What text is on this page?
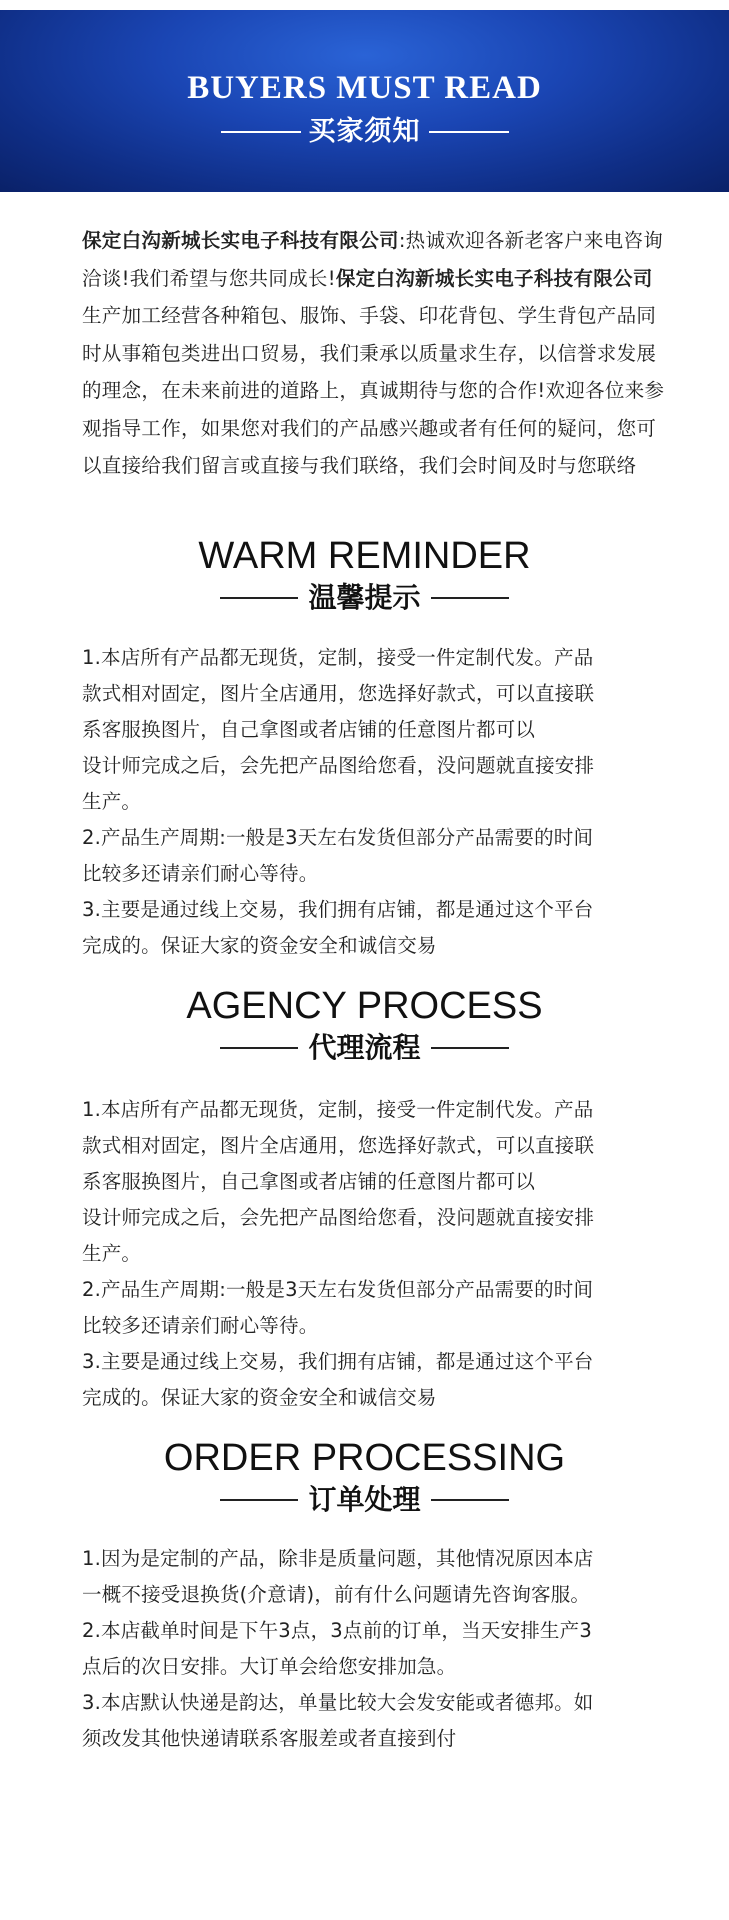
BUYERS MUST READ
买家须知
保定白沟新城长实电子科技有限公司:热诚欢迎各新老客户来电咨询洽谈!我们希望与您共同成长!保定白沟新城长实电子科技有限公司生产加工经营各种箱包、服饰、手袋、印花背包、学生背包产品同时从事箱包类进出口贸易，我们秉承以质量求生存，以信誉求发展的理念，在未来前进的道路上，真诚期待与您的合作!欢迎各位来参观指导工作，如果您对我们的产品感兴趣或者有任何的疑问，您可以直接给我们留言或直接与我们联络，我们会时间及时与您联络
WARM REMINDER
温馨提示
1.本店所有产品都无现货，定制，接受一件定制代发。产品
款式相对固定，图片全店通用，您选择好款式，可以直接联
系客服换图片，自己拿图或者店铺的任意图片都可以
设计师完成之后，会先把产品图给您看，没问题就直接安排
生产。
2.产品生产周期:一般是3天左右发货但部分产品需要的时间
比较多还请亲们耐心等待。
3.主要是通过线上交易，我们拥有店铺，都是通过这个平台
完成的。保证大家的资金安全和诚信交易
AGENCY PROCESS
代理流程
1.本店所有产品都无现货，定制，接受一件定制代发。产品
款式相对固定，图片全店通用，您选择好款式，可以直接联
系客服换图片，自己拿图或者店铺的任意图片都可以
设计师完成之后，会先把产品图给您看，没问题就直接安排
生产。
2.产品生产周期:一般是3天左右发货但部分产品需要的时间
比较多还请亲们耐心等待。
3.主要是通过线上交易，我们拥有店铺，都是通过这个平台
完成的。保证大家的资金安全和诚信交易
ORDER PROCESSING
订单处理
1.因为是定制的产品，除非是质量问题，其他情况原因本店
一概不接受退换货(介意请)，前有什么问题请先咨询客服。
2.本店截单时间是下午3点，3点前的订单，当天安排生产3
点后的次日安排。大订单会给您安排加急。
3.本店默认快递是韵达，单量比较大会发安能或者德邦。如
须改发其他快递请联系客服差或者直接到付
